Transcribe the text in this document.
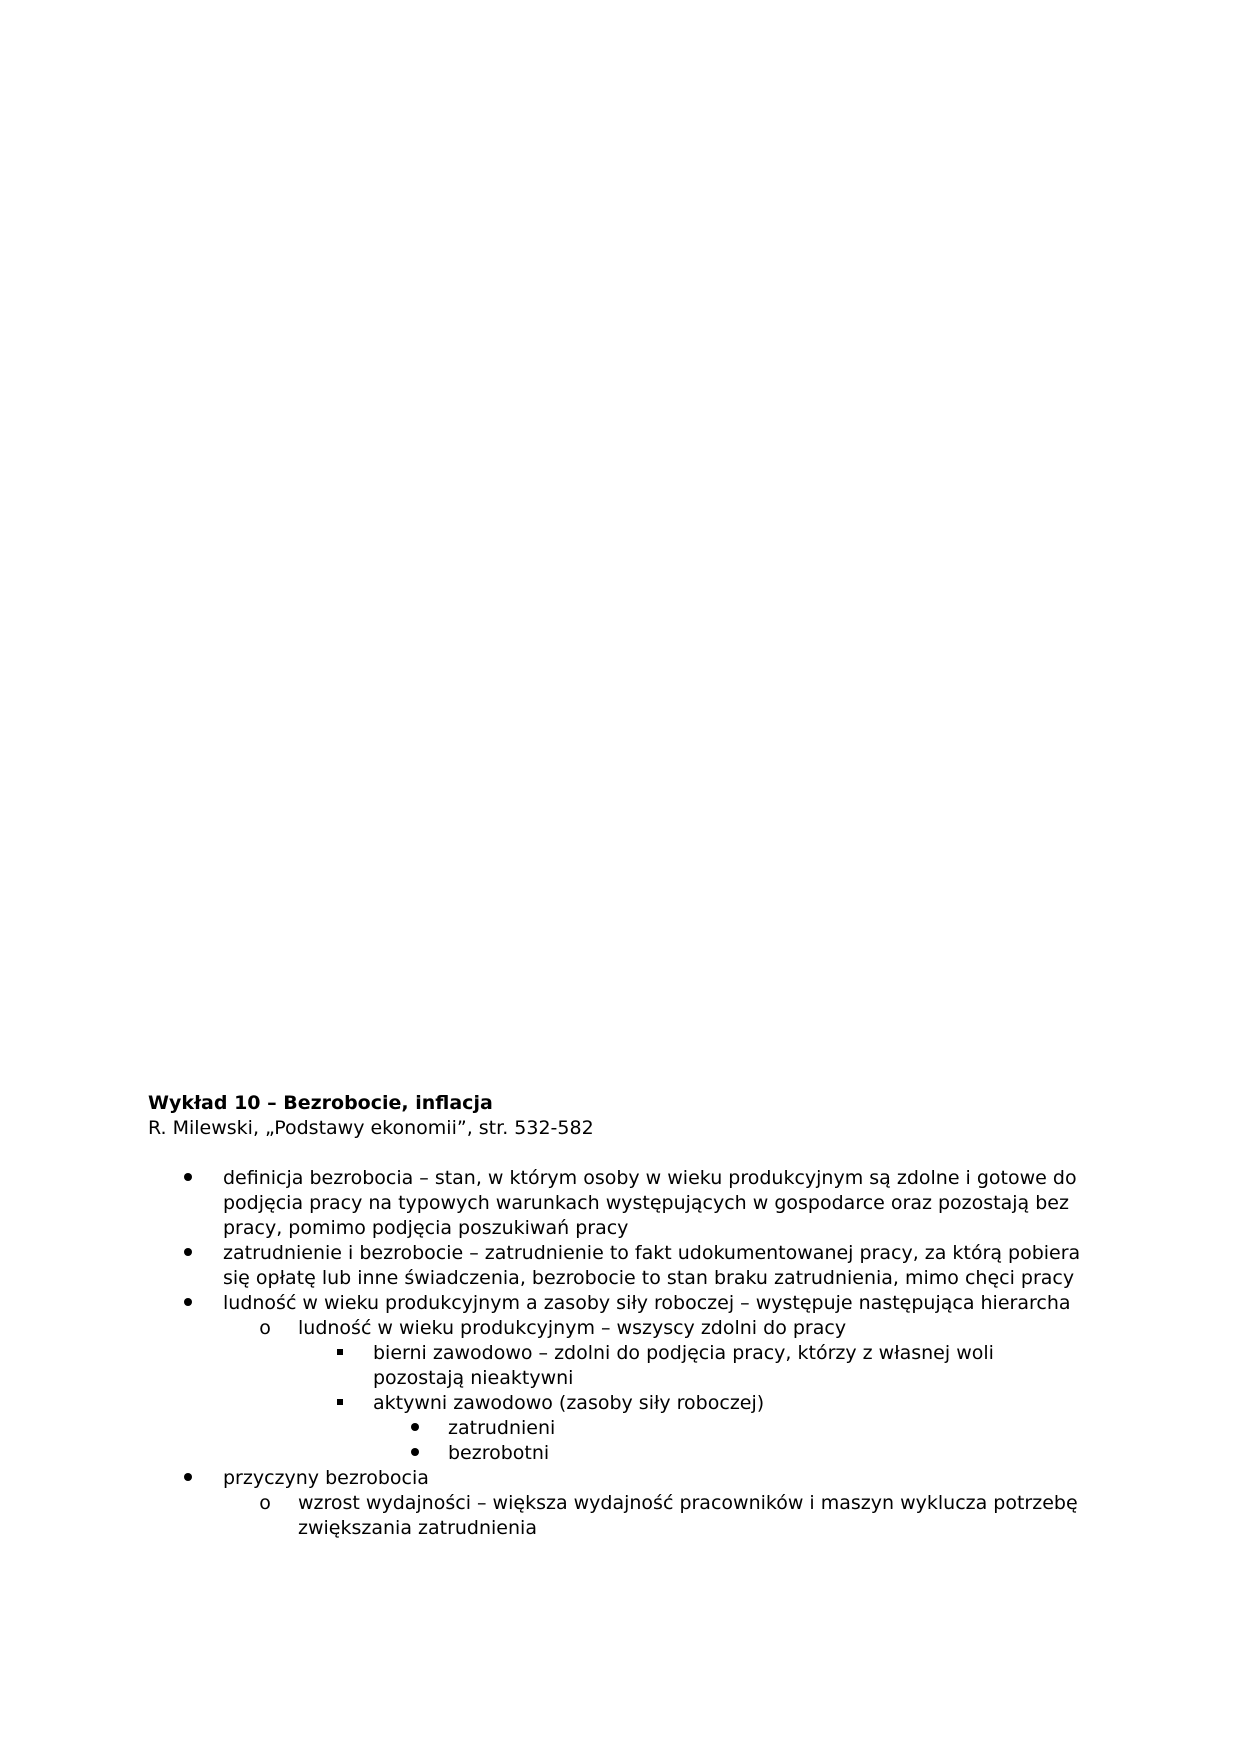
Wykład 10 – Bezrobocie, inflacja

R. Milewski, „Podstawy ekonomii”, str. 532-582

definicja bezrobocia – stan, w którym osoby w wieku produkcyjnym są zdolne i gotowe do podjęcia pracy na typowych warunkach występujących w gospodarce oraz pozostają bez pracy, pomimo podjęcia poszukiwań pracy
zatrudnienie i bezrobocie – zatrudnienie to fakt udokumentowanej pracy, za którą pobiera się opłatę lub inne świadczenia, bezrobocie to stan braku zatrudnienia, mimo chęci pracy
ludność w wieku produkcyjnym a zasoby siły roboczej – występuje następująca hierarcha
o ludność w wieku produkcyjnym – wszyscy zdolni do pracy
bierni zawodowo – zdolni do podjęcia pracy, którzy z własnej woli pozostają nieaktywni
aktywni zawodowo (zasoby siły roboczej)
zatrudnieni
bezrobotni
przyczyny bezrobocia
o wzrost wydajności – większa wydajność pracowników i maszyn wyklucza potrzebę zwiększania zatrudnienia
